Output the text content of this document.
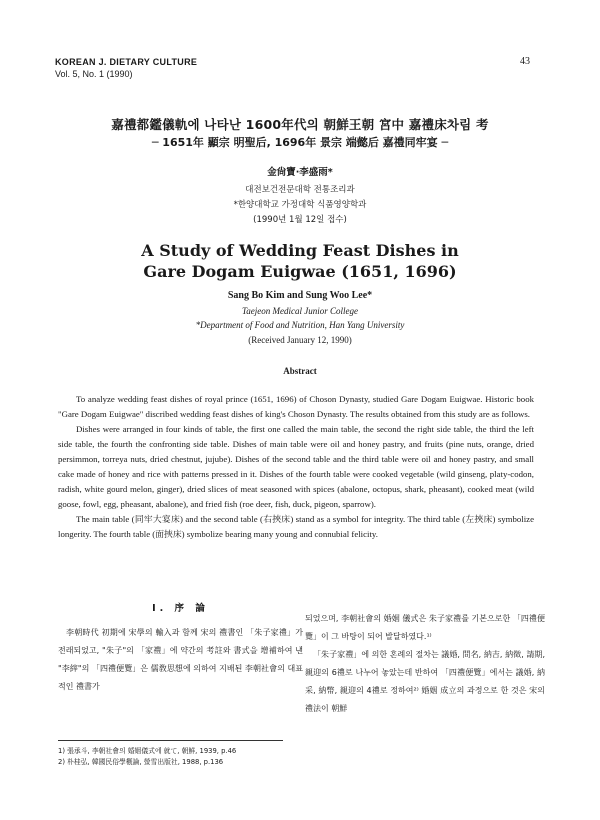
KOREAN J. DIETARY CULTURE
Vol. 5, No. 1 (1990)
43
嘉禮都鑑儀軌에 나타난 1600年代의 朝鮮王朝 宮中 嘉禮床차림 考
─ 1651年 顯宗 明聖后, 1696年 景宗 端懿后 嘉禮同牢宴 ─
金尙寶·李盛雨*
대전보건전문대학 전통조리과
*한양대학교 가정대학 식품영양학과
(1990년 1월 12일 접수)
A Study of Wedding Feast Dishes in
Gare Dogam Euigwae (1651, 1696)
Sang Bo Kim and Sung Woo Lee*
Taejeon Medical Junior College
*Department of Food and Nutrition, Han Yang University
(Received January 12, 1990)
Abstract

To analyze wedding feast dishes of royal prince (1651, 1696) of Choson Dynasty, studied Gare Dogam Euigwae. Historic book "Gare Dogam Euigwae" discribed wedding feast dishes of king's Choson Dynasty. The results obtained from this study are as follows.

Dishes were arranged in four kinds of table, the first one called the main table, the second the right side table, the third the left side table, the fourth the confronting side table. Dishes of main table were oil and honey pastry, and fruits (pine nuts, orange, dried persimmon, torreya nuts, dried chestnut, jujube). Dishes of the second table and the third table were oil and honey pastry, and small cake made of honey and rice with patterns pressed in it. Dishes of the fourth table were cooked vegetable (wild ginseng, platy-codon, radish, white gourd melon, ginger), dried slices of meat seasoned with spices (abalone, octopus, shark, pheasant), cooked meat (wild goose, fowl, egg, pheasant, abalone), and fried fish (roe deer, fish, duck, pigeon, sparrow).

The main table (同牢大宴床) and the second table (右挾床) stand as a symbol for integrity. The third table (左挾床) symbolize longerity. The fourth table (面挾床) symbolize bearing many young and connubial felicity.

Ⅰ. 序 論

李朝時代 初期에 宋學의 輸入과 함께 宋의 禮書인 「朱子家禮」가 전래되었고, "朱子"의 「家禮」에 약간의 考註와 書式을 增補하여 낸 "李縡"의 「四禮便覽」은 儒敎思想에 의하여 지배된 李朝社會의 대표적인 禮書가

되었으며, 李朝社會의 婚姻 儀式은 朱子家禮를 기본으로한 「四禮便覽」이 그 바탕이 되어 발달하였다.¹⁾

「朱子家禮」에 의한 혼례의 절차는 議婚, 問名, 納吉, 納徵, 請期, 親迎의 6禮로 나누어 놓았는데 반하여 「四禮便覽」에서는 議婚, 納采, 納幣, 親迎의 4禮로 정하여²⁾ 婚姻 成立의 과정으로 한 것은 宋의 禮法이 朝鮮

1) 張承斗, 李朝社會의 婚姻儀式에 就て, 朝鮮, 1939, p.46
2) 朴桂弘, 韓國民俗學槪論, 螢雪出版社, 1988, p.136
